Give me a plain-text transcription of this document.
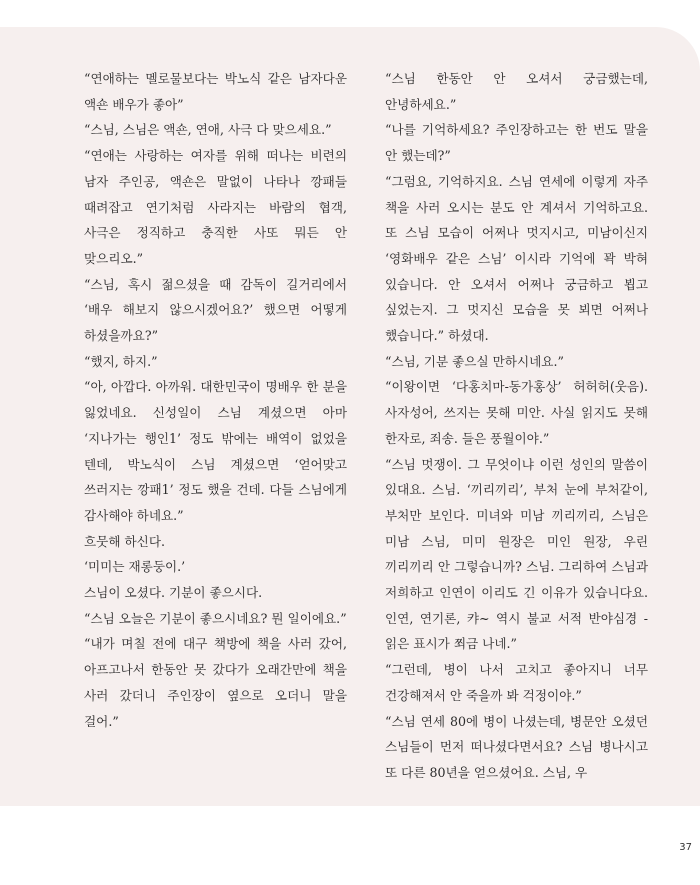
“연애하는 멜로물보다는 박노식 같은 남자다운 액숀 배우가 좋아”

“스님, 스님은 액숀, 연애, 사극 다 맞으세요.”

“연애는 사랑하는 여자를 위해 떠나는 비련의 남자 주인공, 액숀은 말없이 나타나 깡패들 때려잡고 연기처럼 사라지는 바람의 협객, 사극은 정직하고 충직한 사또 뭐든 안 맞으리오.”

“스님, 혹시 젊으셨을 때 감독이 길거리에서 ‘배우 해보지 않으시겠어요?’ 했으면 어떻게 하셨을까요?”

“했지, 하지.”

“아, 아깝다. 아까워. 대한민국이 명배우 한 분을 잃었네요. 신성일이 스님 계셨으면 아마 ‘지나가는 행인1’ 정도 밖에는 배역이 없었을 텐데, 박노식이 스님 계셨으면 ‘얻어맞고 쓰러지는 깡패1’ 정도 했을 건데. 다들 스님에게 감사해야 하네요.”

흐뭇해 하신다.

‘미미는 재롱둥이.’

스님이 오셨다. 기분이 좋으시다.

“스님 오늘은 기분이 좋으시네요? 뭔 일이에요.”

“내가 며칠 전에 대구 책방에 책을 사러 갔어, 아프고나서 한동안 못 갔다가 오래간만에 책을 사러 갔더니 주인장이 옆으로 오더니 말을 걸어.”

“스님 한동안 안 오셔서 궁금했는데, 안녕하세요.”

“나를 기억하세요? 주인장하고는 한 번도 말을 안 했는데?”

“그럼요, 기억하지요. 스님 연세에 이렇게 자주 책을 사러 오시는 분도 안 계셔서 기억하고요. 또 스님 모습이 어쩌나 멋지시고, 미남이신지 ‘영화배우 같은 스님’ 이시라 기억에 꽉 박혀 있습니다. 안 오셔서 어쩌나 궁금하고 뵙고 싶었는지. 그 멋지신 모습을 못 뵈면 어쩌나 했습니다.” 하셨대.

“스님, 기분 좋으실 만하시네요.”

“이왕이면 ‘다홍치마-동가홍상’ 허허허(웃음). 사자성어, 쓰지는 못해 미안. 사실 읽지도 못해 한자로, 죄송. 들은 풍월이야.”

“스님 멋쟁이. 그 무엇이냐 이런 성인의 말씀이 있대요. 스님. ‘끼리끼리’, 부처 눈에 부처같이, 부처만 보인다. 미녀와 미남 끼리끼리, 스님은 미남 스님, 미미 원장은 미인 원장, 우린 끼리끼리 안 그렇습니까? 스님. 그리하여 스님과 저희하고 인연이 이리도 긴 이유가 있습니다요. 인연, 연기론, 캬~ 역시 불교 서적 반야심경 - 읽은 표시가 쬐금 나네.”

“그런데, 병이 나서 고치고 좋아지니 너무 건강해져서 안 죽을까 봐 걱정이야.”

“스님 연세 80에 병이 나셨는데, 병문안 오셨던 스님들이 먼저 떠나셨다면서요? 스님 병나시고 또 다른 80년을 얻으셨어요. 스님, 우

37
